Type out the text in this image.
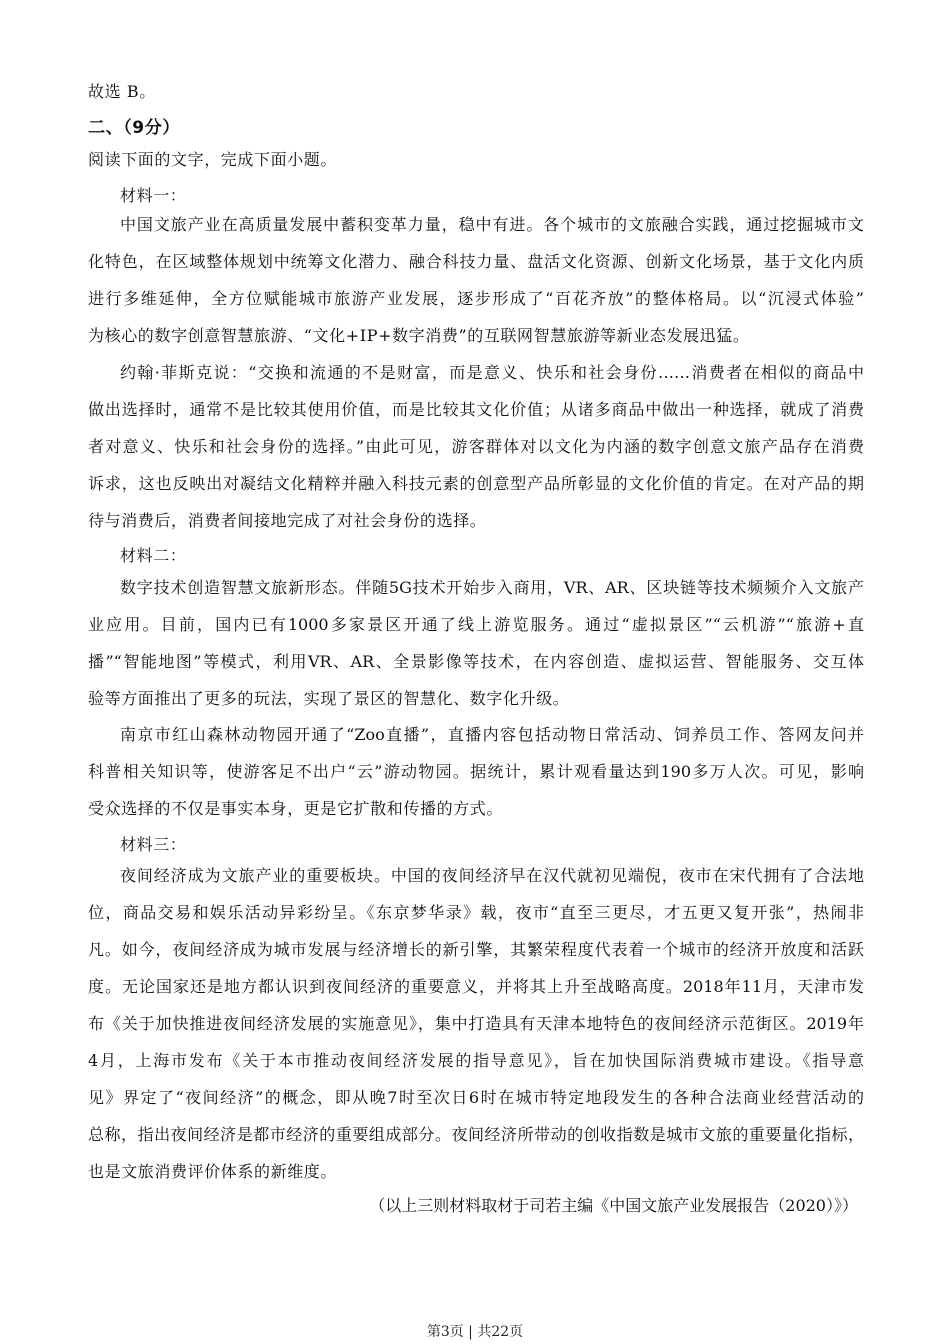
故选 B。
二、（9分）
阅读下面的文字，完成下面小题。
材料一：
中国文旅产业在高质量发展中蓄积变革力量，稳中有进。各个城市的文旅融合实践，通过挖掘城市文
化特色，在区域整体规划中统筹文化潜力、融合科技力量、盘活文化资源、创新文化场景，基于文化内质
进行多维延伸，全方位赋能城市旅游产业发展，逐步形成了“百花齐放”的整体格局。以“沉浸式体验”
为核心的数字创意智慧旅游、“文化+IP+数字消费”的互联网智慧旅游等新业态发展迅猛。
约翰·菲斯克说：“交换和流通的不是财富，而是意义、快乐和社会身份……消费者在相似的商品中
做出选择时，通常不是比较其使用价值，而是比较其文化价值；从诸多商品中做出一种选择，就成了消费
者对意义、快乐和社会身份的选择。”由此可见，游客群体对以文化为内涵的数字创意文旅产品存在消费
诉求，这也反映出对凝结文化精粹并融入科技元素的创意型产品所彰显的文化价值的肯定。在对产品的期
待与消费后，消费者间接地完成了对社会身份的选择。
材料二：
数字技术创造智慧文旅新形态。伴随5G技术开始步入商用，VR、AR、区块链等技术频频介入文旅产
业应用。目前，国内已有1000多家景区开通了线上游览服务。通过“虚拟景区”“云机游”“旅游+直
播”“智能地图”等模式，利用VR、AR、全景影像等技术，在内容创造、虚拟运营、智能服务、交互体
验等方面推出了更多的玩法，实现了景区的智慧化、数字化升级。
南京市红山森林动物园开通了“Zoo直播”，直播内容包括动物日常活动、饲养员工作、答网友问并
科普相关知识等，使游客足不出户“云”游动物园。据统计，累计观看量达到190多万人次。可见，影响
受众选择的不仅是事实本身，更是它扩散和传播的方式。
材料三：
夜间经济成为文旅产业的重要板块。中国的夜间经济早在汉代就初见端倪，夜市在宋代拥有了合法地
位，商品交易和娱乐活动异彩纷呈。《东京梦华录》载，夜市“直至三更尽，才五更又复开张”，热闹非
凡。如今，夜间经济成为城市发展与经济增长的新引擎，其繁荣程度代表着一个城市的经济开放度和活跃
度。无论国家还是地方都认识到夜间经济的重要意义，并将其上升至战略高度。2018年11月，天津市发
布《关于加快推进夜间经济发展的实施意见》，集中打造具有天津本地特色的夜间经济示范街区。2019年
4月，上海市发布《关于本市推动夜间经济发展的指导意见》，旨在加快国际消费城市建设。《指导意
见》界定了“夜间经济”的概念，即从晚7时至次日6时在城市特定地段发生的各种合法商业经营活动的
总称，指出夜间经济是都市经济的重要组成部分。夜间经济所带动的创收指数是城市文旅的重要量化指标，
也是文旅消费评价体系的新维度。
（以上三则材料取材于司若主编《中国文旅产业发展报告（2020）》）
第3页 | 共22页
